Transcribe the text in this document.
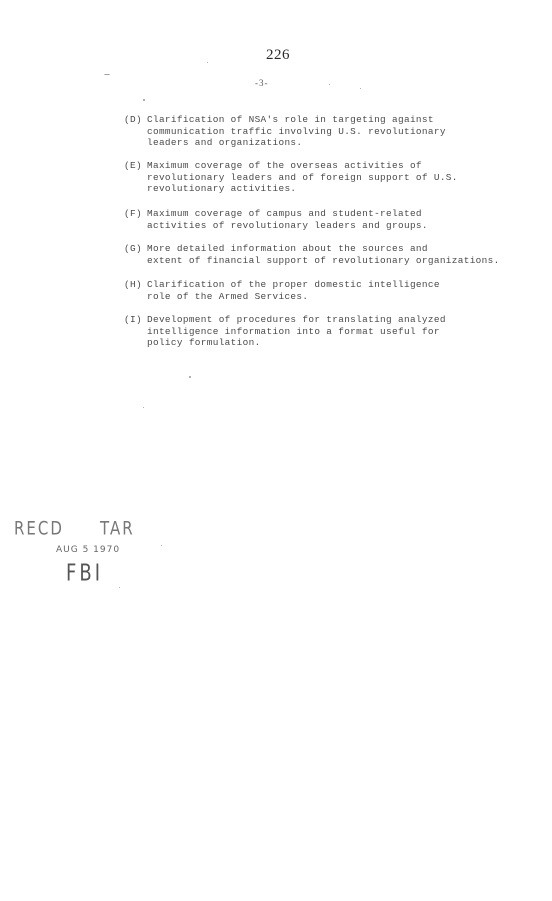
226
-3-
(D) Clarification of NSA's role in targeting against
communication traffic involving U.S. revolutionary
leaders and organizations.
(E) Maximum coverage of the overseas activities of
revolutionary leaders and of foreign support of U.S.
revolutionary activities.
(F) Maximum coverage of campus and student-related
activities of revolutionary leaders and groups.
(G) More detailed information about the sources and
extent of financial support of revolutionary organizations.
(H) Clarification of the proper domestic intelligence
role of the Armed Services.
(I) Development of procedures for translating analyzed
intelligence information into a format useful for
policy formulation.
RECD TAR
AUG 5 1970
FBI
